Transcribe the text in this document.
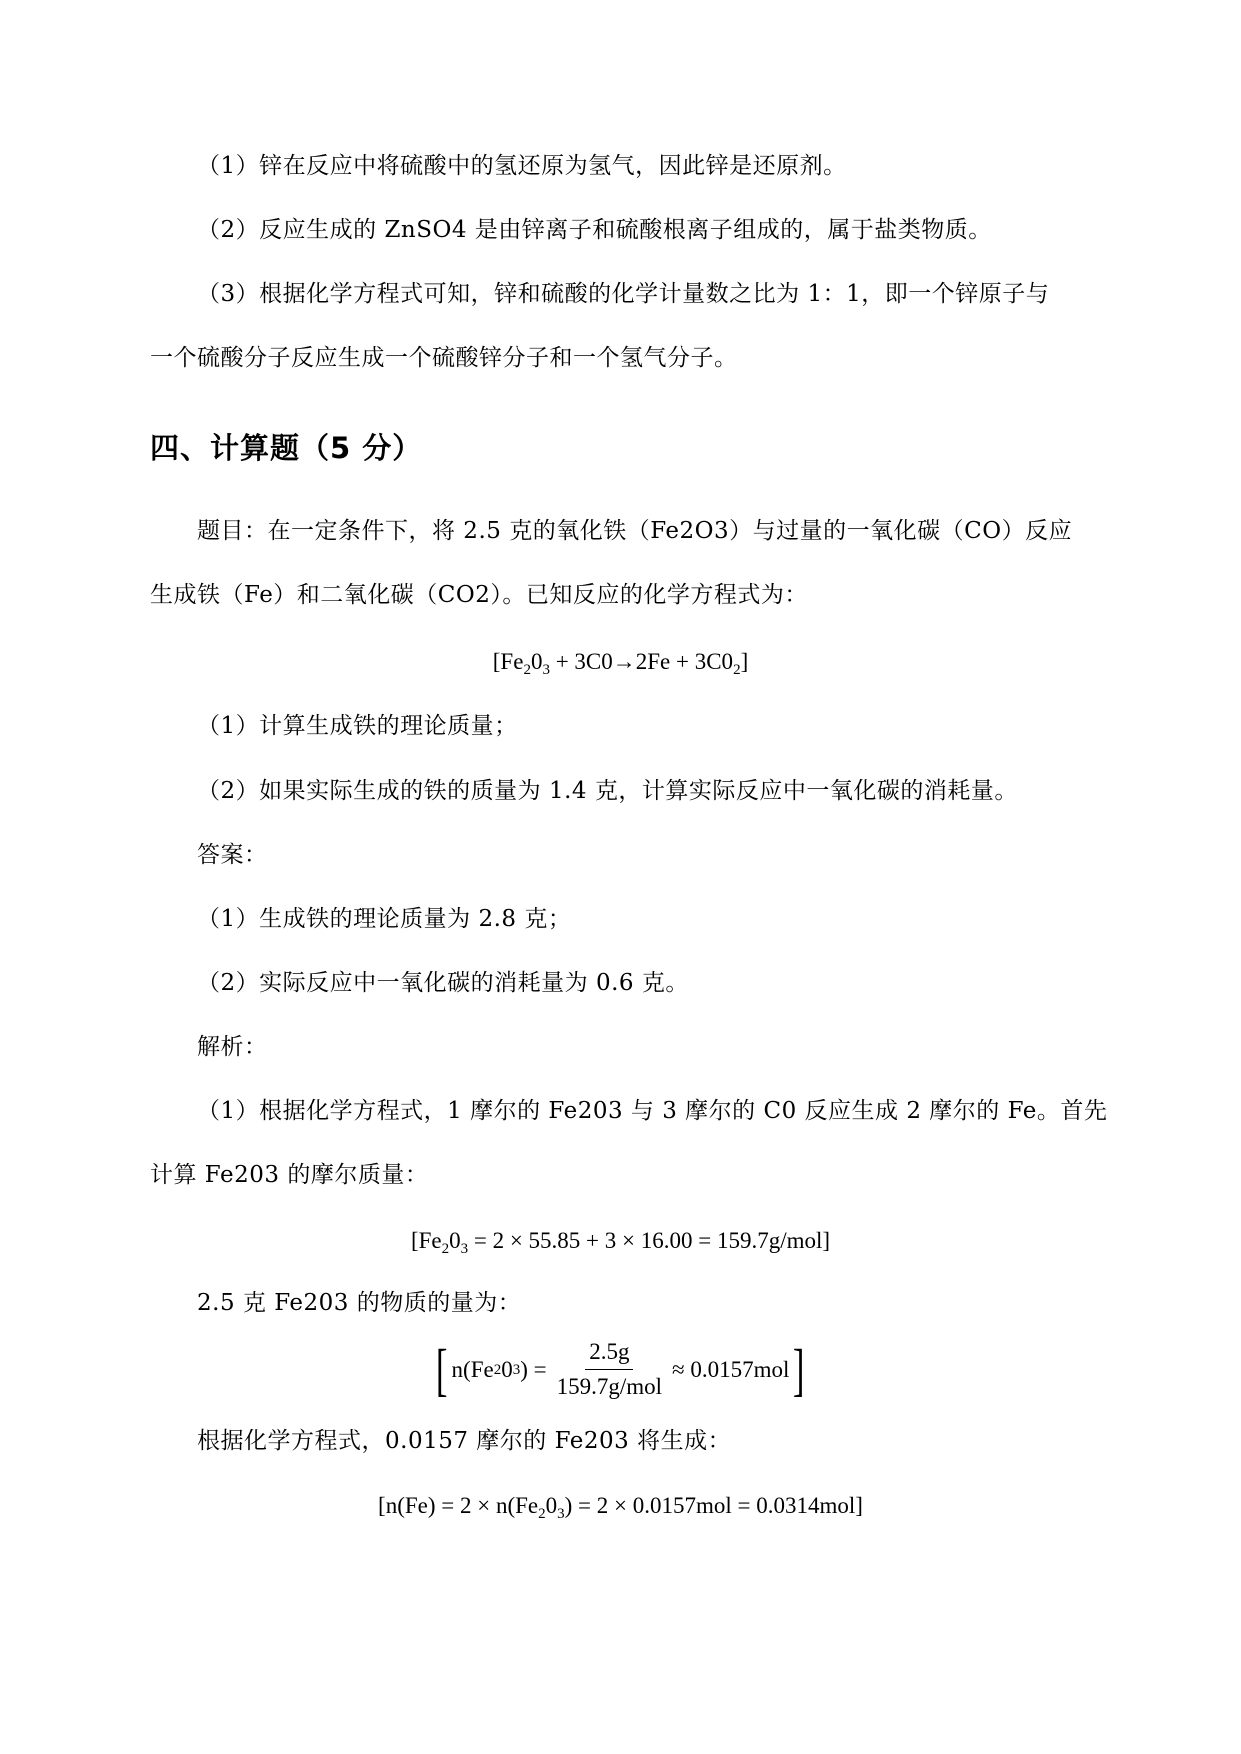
（1）锌在反应中将硫酸中的氢还原为氢气，因此锌是还原剂。
（2）反应生成的 ZnSO4 是由锌离子和硫酸根离子组成的，属于盐类物质。
（3）根据化学方程式可知，锌和硫酸的化学计量数之比为 1：1，即一个锌原子与
一个硫酸分子反应生成一个硫酸锌分子和一个氢气分子。
四、计算题（5 分）
题目：在一定条件下，将 2.5 克的氧化铁（Fe2O3）与过量的一氧化碳（CO）反应
生成铁（Fe）和二氧化碳（CO2）。已知反应的化学方程式为：
$[Fe_20_3 + 3C0\to 2Fe + 3C0_2]$
（1）计算生成铁的理论质量；
（2）如果实际生成的铁的质量为 1.4 克，计算实际反应中一氧化碳的消耗量。
答案：
（1）生成铁的理论质量为 2.8 克；
（2）实际反应中一氧化碳的消耗量为 0.6 克。
解析：
（1）根据化学方程式，1 摩尔的 Fe203 与 3 摩尔的 C0 反应生成 2 摩尔的 Fe。首先
计算 Fe203 的摩尔质量：
$[Fe_20_3 = 2 \times 55.85 + 3 \times 16.00 = 159.7g/mol]$
2.5 克 Fe203 的物质的量为：
[ n(Fe 2 0 3 ) = $\frac{2.5g}{\text{159.7g/mol}} \approx 0.0157mol$ ]
根据化学方程式，0.0157 摩尔的 Fe203 将生成：
$[n(Fe) = 2 \times n(Fe_20_3) = 2 \times 0.0157mol = 0.0314mol]$
